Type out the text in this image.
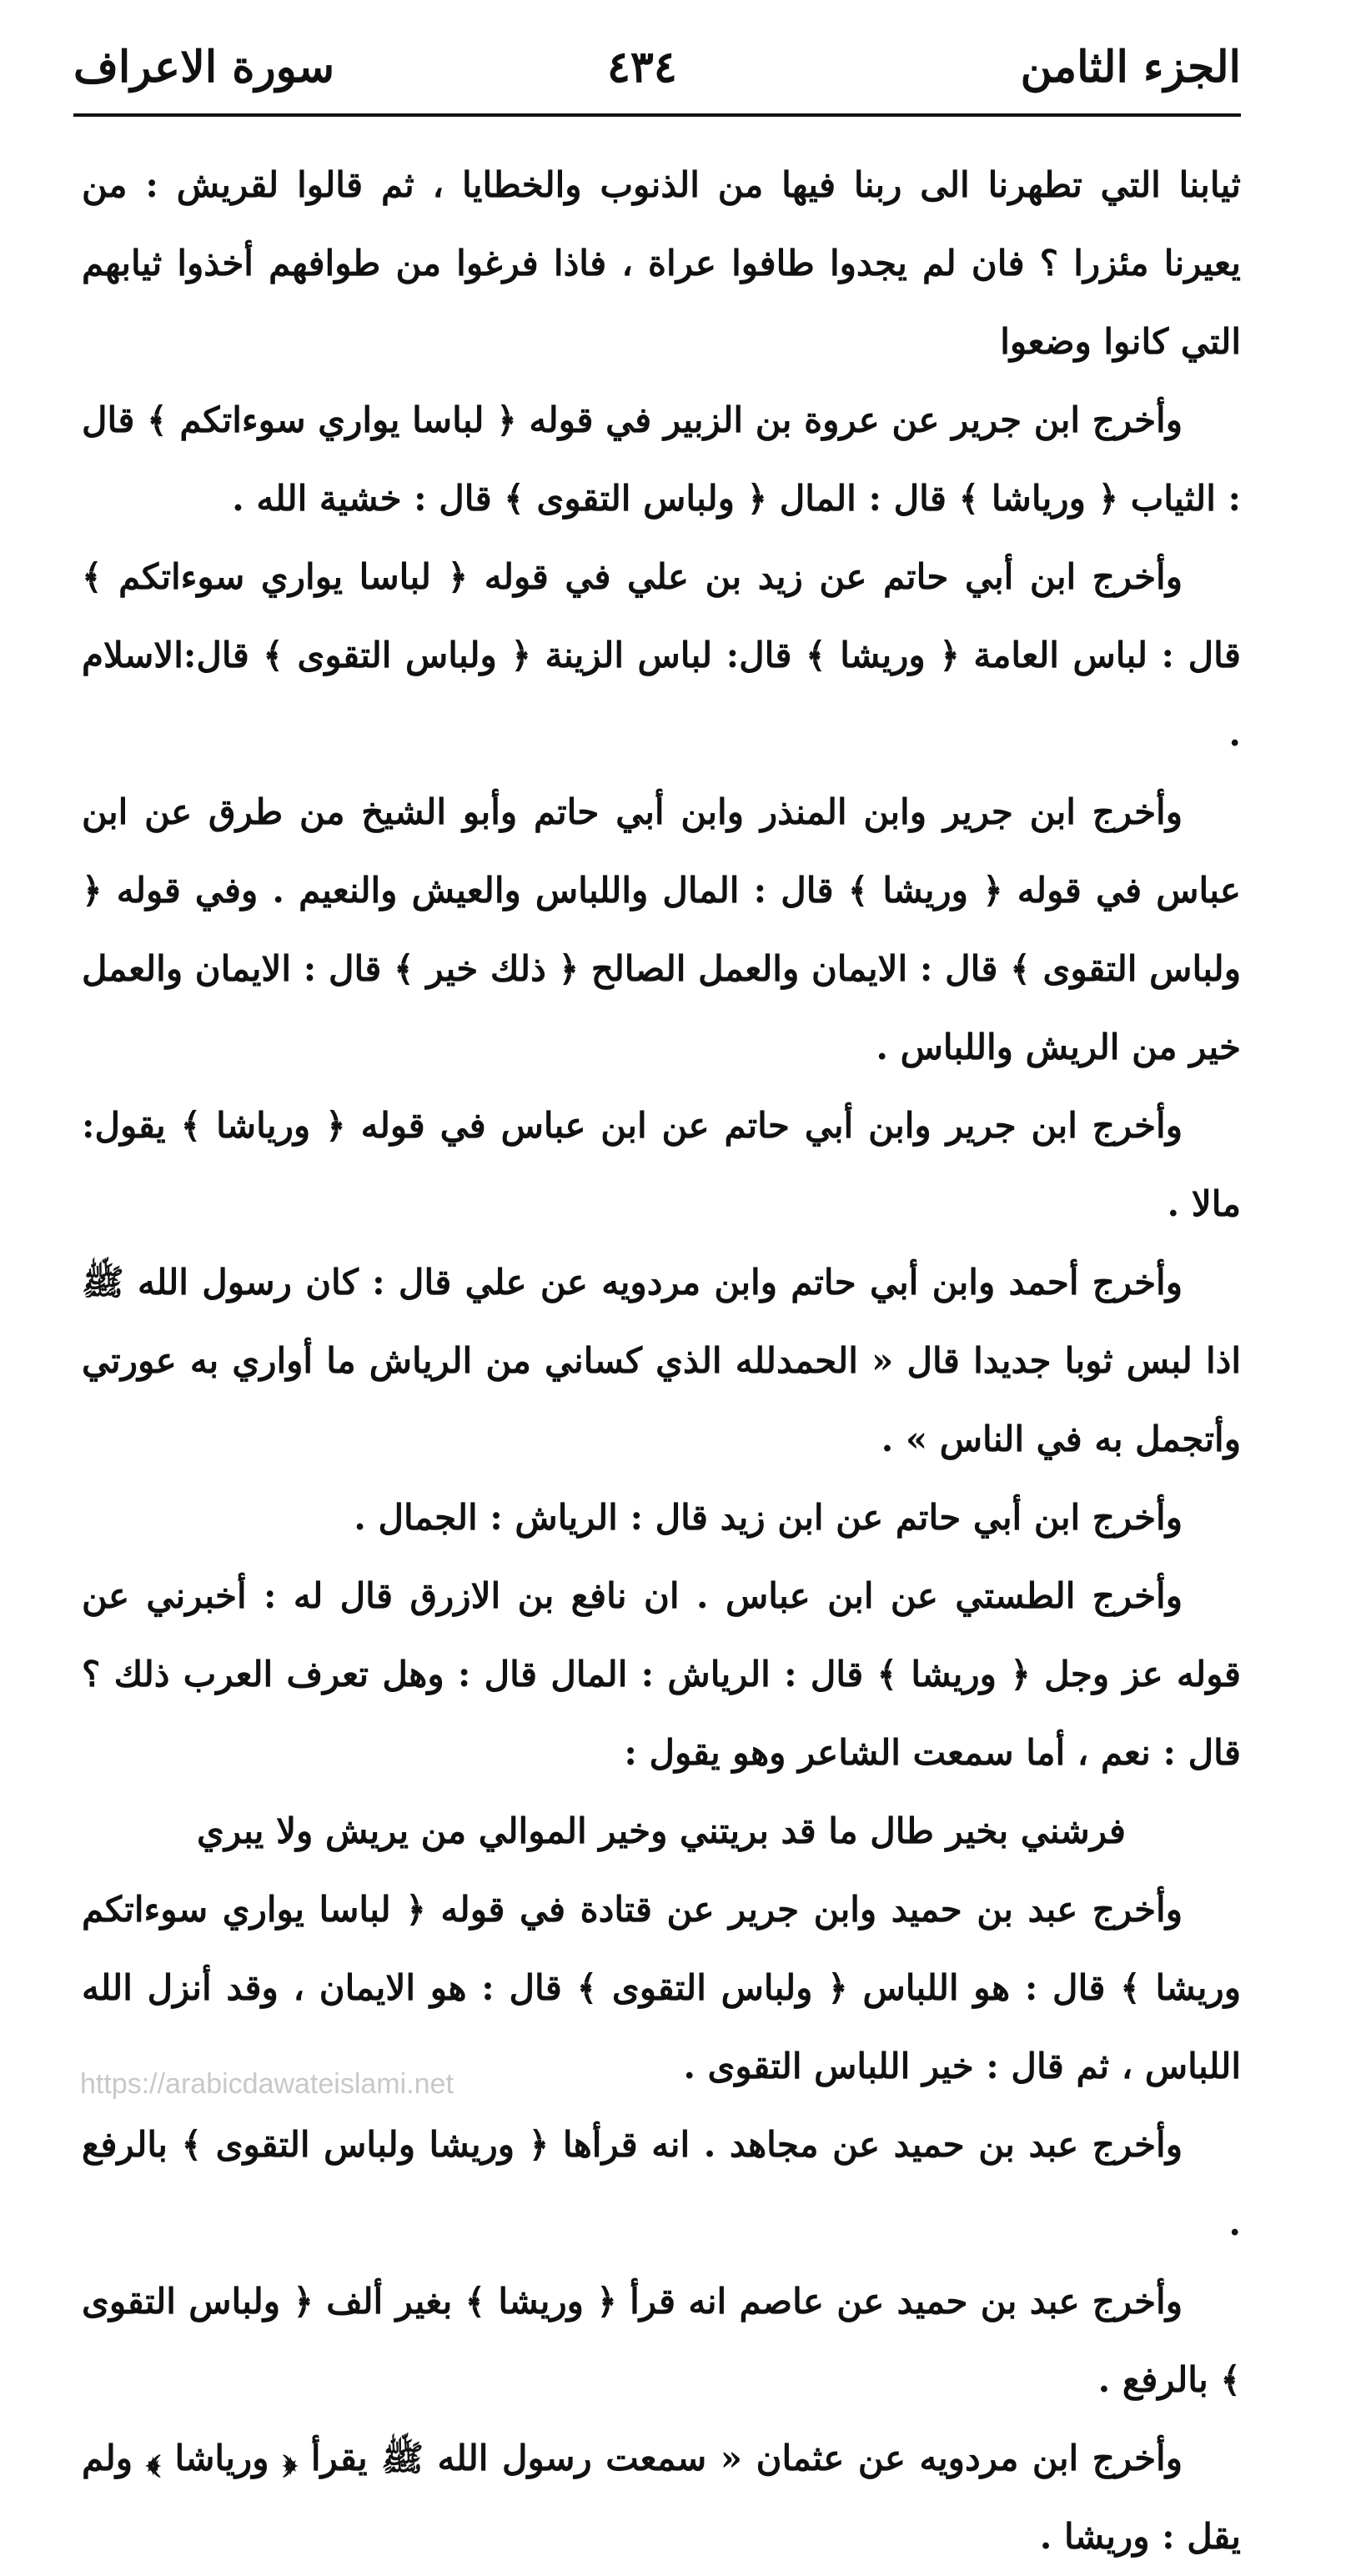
الجزء الثامن
٤٣٤
سورة الاعراف

ثيابنا التي تطهرنا الى ربنا فيها من الذنوب والخطايا ، ثم قالوا لقريش : من يعيرنا مئزرا ؟ فان لم يجدوا طافوا عراة ، فاذا فرغوا من طوافهم أخذوا ثيابهم التي كانوا وضعوا

وأخرج ابن جرير عن عروة بن الزبير في قوله ﴿ لباسا يواري سوءاتكم ﴾ قال : الثياب ﴿ ورياشا ﴾ قال : المال ﴿ ولباس التقوى ﴾ قال : خشية الله .

وأخرج ابن أبي حاتم عن زيد بن علي في قوله ﴿ لباسا يواري سوءاتكم ﴾ قال : لباس العامة ﴿ وريشا ﴾ قال: لباس الزينة ﴿ ولباس التقوى ﴾ قال:الاسلام .

وأخرج ابن جرير وابن المنذر وابن أبي حاتم وأبو الشيخ من طرق عن ابن عباس في قوله ﴿ وريشا ﴾ قال : المال واللباس والعيش والنعيم . وفي قوله ﴿ ولباس التقوى ﴾ قال : الايمان والعمل الصالح ﴿ ذلك خير ﴾ قال : الايمان والعمل خير من الريش واللباس .

وأخرج ابن جرير وابن أبي حاتم عن ابن عباس في قوله ﴿ ورياشا ﴾ يقول: مالا .

وأخرج أحمد وابن أبي حاتم وابن مردويه عن علي قال : كان رسول الله ﷺ اذا لبس ثوبا جديدا قال « الحمدلله الذي كساني من الرياش ما أواري به عورتي وأتجمل به في الناس » .

وأخرج ابن أبي حاتم عن ابن زيد قال : الرياش : الجمال .

وأخرج الطستي عن ابن عباس . ان نافع بن الازرق قال له : أخبرني عن قوله عز وجل ﴿ وريشا ﴾ قال : الرياش : المال قال : وهل تعرف العرب ذلك ؟ قال : نعم ، أما سمعت الشاعر وهو يقول :

فرشني بخير طال ما قد بريتني وخير الموالي من يريش ولا يبري

وأخرج عبد بن حميد وابن جرير عن قتادة في قوله ﴿ لباسا يواري سوءاتكم وريشا ﴾ قال : هو اللباس ﴿ ولباس التقوى ﴾ قال : هو الايمان ، وقد أنزل الله اللباس ، ثم قال : خير اللباس التقوى .

وأخرج عبد بن حميد عن مجاهد . انه قرأها ﴿ وريشا ولباس التقوى ﴾ بالرفع .

وأخرج عبد بن حميد عن عاصم انه قرأ ﴿ وريشا ﴾ بغير ألف ﴿ ولباس التقوى ﴾ بالرفع .

وأخرج ابن مردويه عن عثمان « سمعت رسول الله ﷺ يقرأ ﴿ ورياشا ﴾ ولم يقل : وريشا .

https://arabicdawateislami.net
